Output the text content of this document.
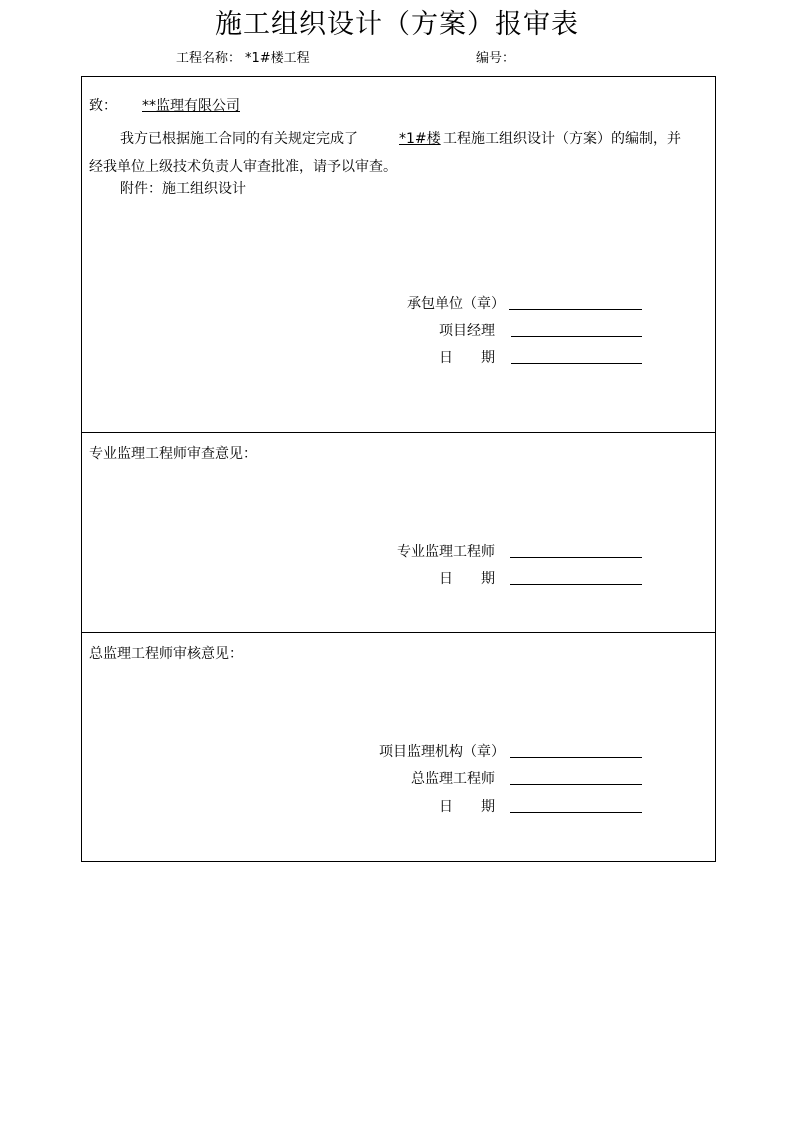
施工组织设计（方案）报审表
工程名称： *1#楼工程	编号：
致：	**监理有限公司
我方已根据施工合同的有关规定完成了	*1#楼 工程施工组织设计（方案）的编制，并
经我单位上级技术负责人审查批准，请予以审查。
附件：施工组织设计
承包单位（章）
项目经理
日　　期
专业监理工程师审查意见：
专业监理工程师
日　　期
总监理工程师审核意见：
项目监理机构（章）
总监理工程师
日　　期
